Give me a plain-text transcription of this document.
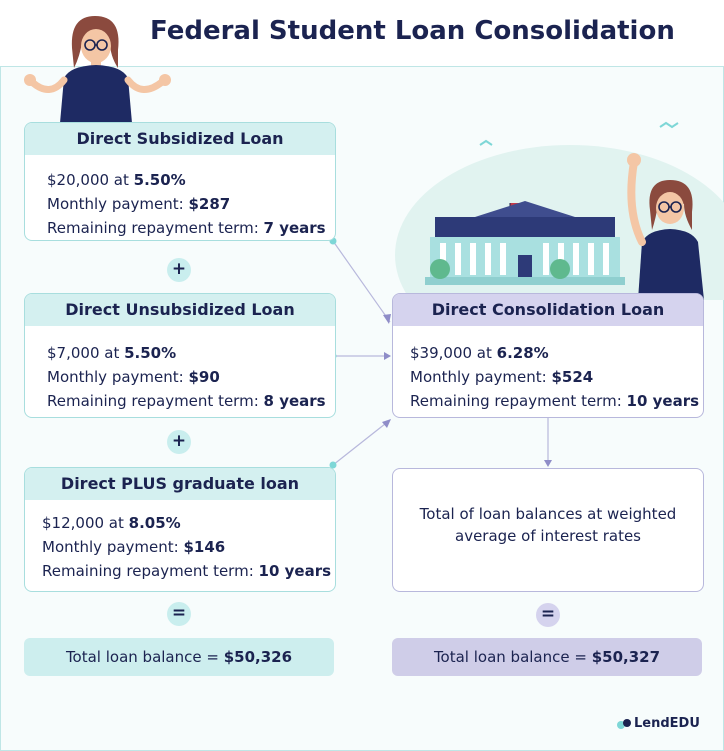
Federal Student Loan Consolidation
Direct Subsidized Loan
$20,000 at 5.50%
Monthly payment: $287
Remaining repayment term: 7 years
+
Direct Unsubsidized Loan
$7,000 at 5.50%
Monthly payment: $90
Remaining repayment term: 8 years
+
Direct PLUS graduate loan
$12,000 at 8.05%
Monthly payment: $146
Remaining repayment term: 10 years
=
Total loan balance = $50,326
Direct Consolidation Loan
$39,000 at 6.28%
Monthly payment: $524
Remaining repayment term: 10 years
Total of loan balances at weighted average of interest rates
=
Total loan balance = $50,327
LendEDU
